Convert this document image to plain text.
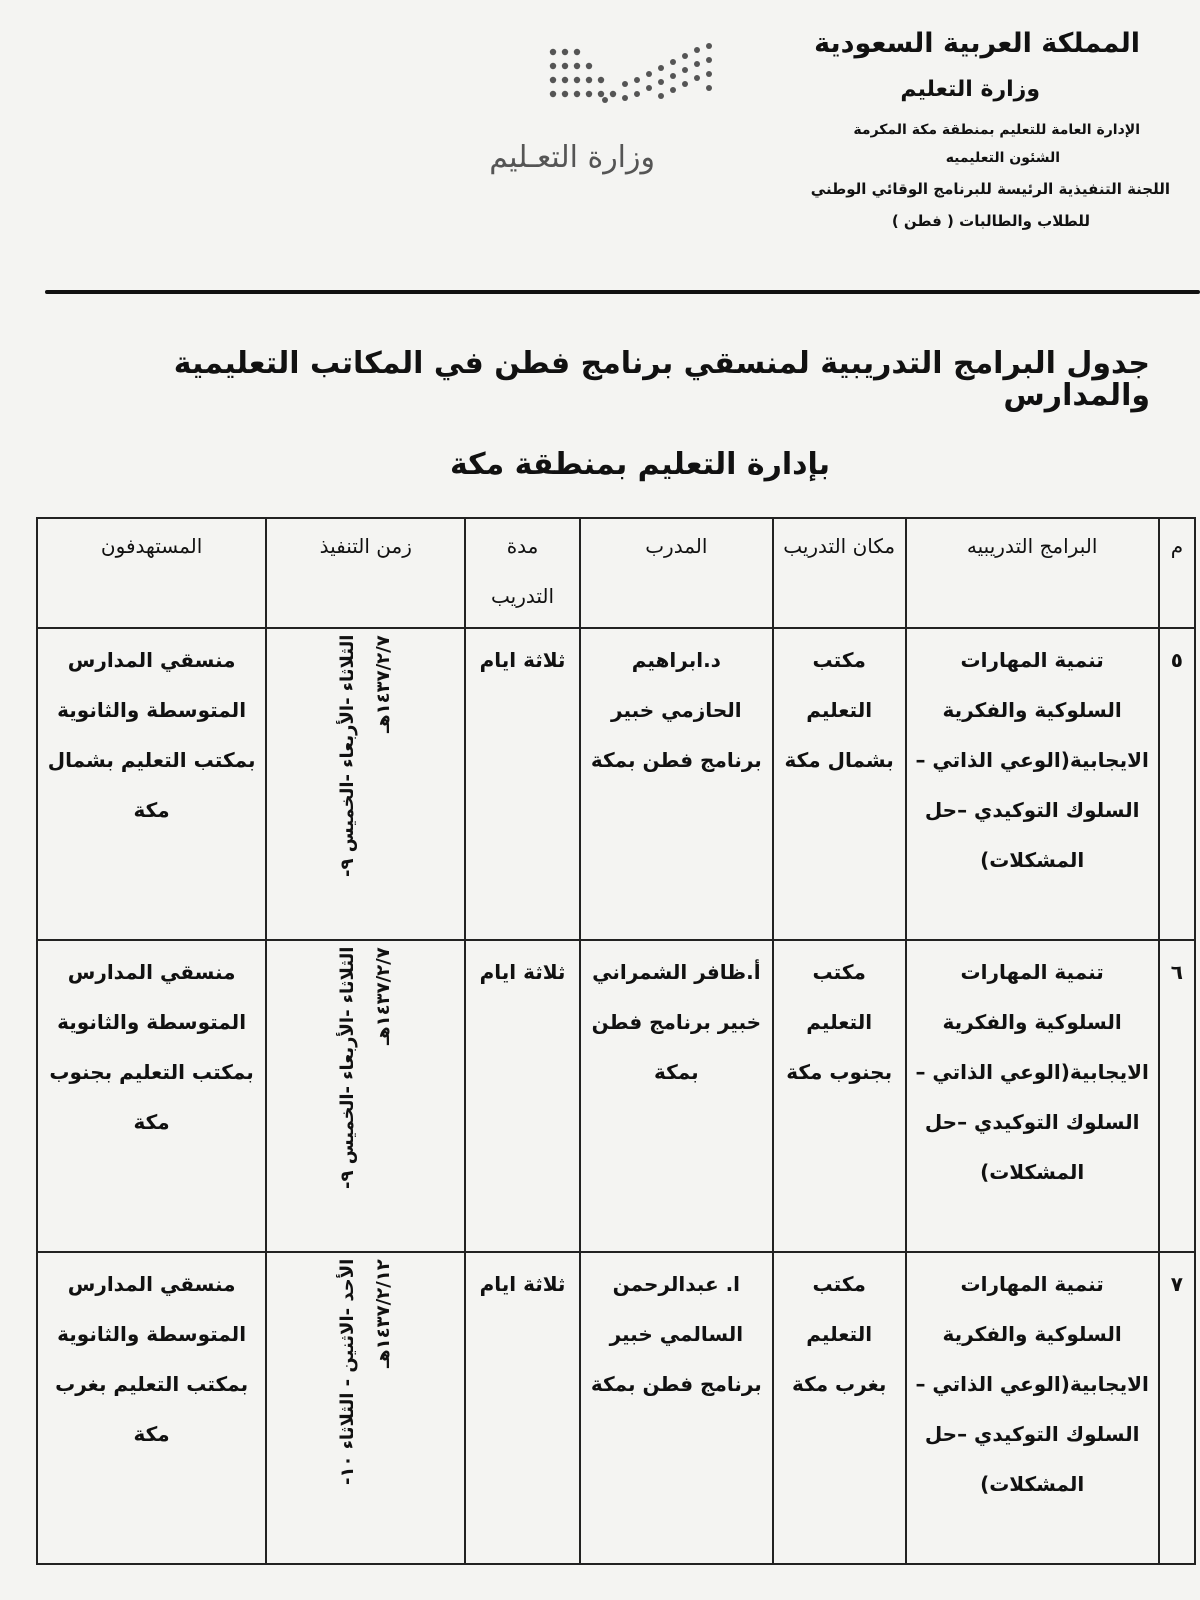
المملكة العربية السعودية
وزارة التعليم
الإدارة العامة للتعليم بمنطقة مكة المكرمة
الشئون التعليميه
اللجنة التنفيذية الرئيسة للبرنامج الوقائي الوطني
للطلاب والطالبات ( فطن )
وزارة التعـليم
جدول البرامج التدريبية لمنسقي برنامج فطن في المكاتب التعليمية والمدارس
بإدارة التعليم بمنطقة مكة
م	البرامج التدريبيه	مكان التدريب	المدرب	مدة التدريب	زمن التنفيذ	المستهدفون
٥	تنمية المهارات السلوكية والفكرية الايجابية(الوعي الذاتي –السلوك التوكيدي –حل المشكلات)	مكتب التعليم بشمال مكة	د.ابراهيم الحازمي خبير برنامج فطن بمكة	ثلاثة ايام	الثلاثاء -الأربعاء -الخميس ٩- ١٤٣٧/٢/٧هـ	منسقي المدارس المتوسطة والثانوية بمكتب التعليم بشمال مكة
٦	تنمية المهارات السلوكية والفكرية الايجابية(الوعي الذاتي –السلوك التوكيدي –حل المشكلات)	مكتب التعليم بجنوب مكة	أ.ظافر الشمراني خبير برنامج فطن بمكة	ثلاثة ايام	الثلاثاء -الأربعاء -الخميس ٩- ١٤٣٧/٢/٧هـ	منسقي المدارس المتوسطة والثانوية بمكتب التعليم بجنوب مكة
٧	تنمية المهارات السلوكية والفكرية الايجابية(الوعي الذاتي –السلوك التوكيدي –حل المشكلات)	مكتب التعليم بغرب مكة	ا. عبدالرحمن السالمي خبير برنامج فطن بمكة	ثلاثة ايام	الأحد -الاثنين - الثلاثاء ١٠- ١٤٣٧/٢/١٢هـ	منسقي المدارس المتوسطة والثانوية بمكتب التعليم بغرب مكة
